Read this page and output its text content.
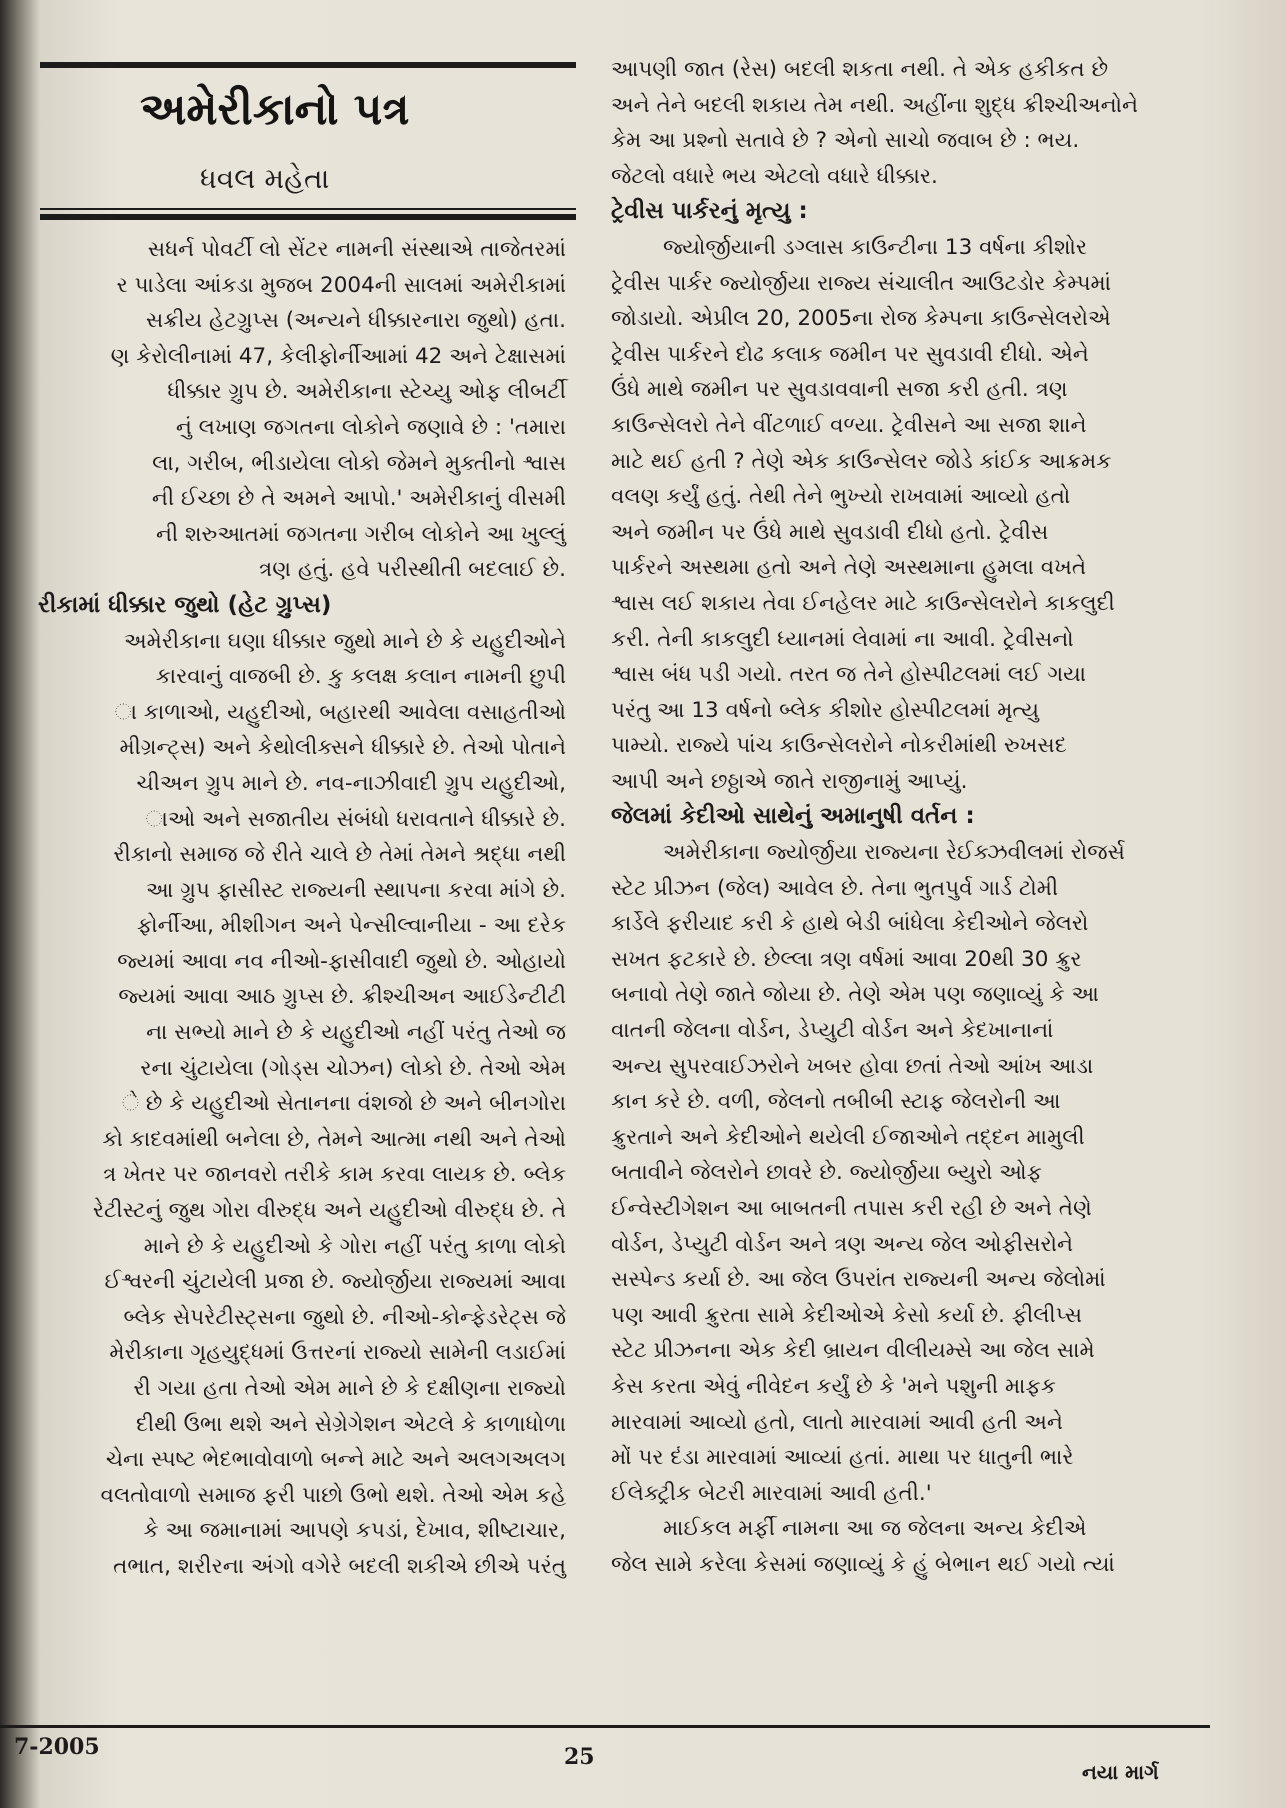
અમેરીકાનો પત્ર
ધવલ મહેતા
સધર્ન પોવર્ટી લો સેંટર નામની સંસ્થાએ તાજેતરમાં
ર પાડેલા આંકડા મુજબ 2004ની સાલમાં અમેરીકામાં
સક્રીય હેટગ્રુપ્સ (અન્યને ધીક્કારનારા જુથો) હતા.
ણ કેરોલીનામાં 47, કેલીફોર્નીઆમાં 42 અને ટેક્ષાસમાં
ધીક્કાર ગ્રુપ છે. અમેરીકાના સ્ટેચ્યુ ઓફ લીબર્ટી
નું લખાણ જગતના લોકોને જણાવે છે : 'તમારા
લા, ગરીબ, ભીડાયેલા લોકો જેમને મુક્તીનો શ્વાસ
ની ઈચ્છા છે તે અમને આપો.' અમેરીકાનું વીસમી
ની શરુઆતમાં જગતના ગરીબ લોકોને આ ખુલ્લું
ત્રણ હતું. હવે પરીસ્થીતી બદલાઈ છે.
રીકામાં ધીક્કાર જુથો (હેટ ગ્રુપ્સ)
અમેરીકાના ઘણા ધીક્કાર જુથો માને છે કે યહુદીઓને
કારવાનું વાજબી છે. કુ કલક્ષ કલાન નામની છુપી
ા કાળાઓ, યહુદીઓ, બહારથી આવેલા વસાહતીઓ
મીગ્રન્ટ્સ) અને કેથોલીક્સને ધીક્કારે છે. તેઓ પોતાને
ચીઅન ગ્રુપ માને છે. નવ-નાઝીવાદી ગ્રુપ યહુદીઓ,
ાઓ અને સજાતીય સંબંધો ધરાવતાને ધીક્કારે છે.
રીકાનો સમાજ જે રીતે ચાલે છે તેમાં તેમને શ્રદ્ધા નથી
આ ગ્રુપ ફાસીસ્ટ રાજ્યની સ્થાપના કરવા માંગે છે.
ફોર્નીઆ, મીશીગન અને પેન્સીલ્વાનીયા - આ દરેક
જ્યમાં આવા નવ નીઓ-ફાસીવાદી જુથો છે. ઓહાયો
જ્યમાં આવા આઠ ગ્રુપ્સ છે. ક્રીશ્ચીઅન આઈડેન્ટીટી
ના સભ્યો માને છે કે યહુદીઓ નહીં પરંતુ તેઓ જ
રના ચુંટાયેલા (ગોડ્સ ચોઝન) લોકો છે. તેઓ એમ
ે છે કે યહુદીઓ સેતાનના વંશજો છે અને બીનગોરા
કો કાદવમાંથી બનેલા છે, તેમને આત્મા નથી અને તેઓ
ત્ર ખેતર પર જાનવરો તરીકે કામ કરવા લાયક છે. બ્લેક
રેટીસ્ટનું જુથ ગોરા વીરુદ્ધ અને યહુદીઓ વીરુદ્ધ છે. તે
માને છે કે યહુદીઓ કે ગોરા નહીં પરંતુ કાળા લોકો
ઈશ્વરની ચુંટાયેલી પ્રજા છે. જ્યોર્જીયા રાજ્યમાં આવા
બ્લેક સેપરેટીસ્ટ્સના જુથો છે. નીઓ-કોન્ફેડરેટ્સ જે
મેરીકાના ગૃહયુદ્ધમાં ઉત્તરનાં રાજ્યો સામેની લડાઈમાં
રી ગયા હતા તેઓ એમ માને છે કે દક્ષીણના રાજ્યો
દીથી ઉભા થશે અને સેગ્રેગેશન એટલે કે કાળાધોળા
ચેના સ્પષ્ટ ભેદભાવોવાળો બન્ને માટે અને અલગઅલગ
વલતોવાળો સમાજ ફરી પાછો ઉભો થશે. તેઓ એમ કહે
કે આ જમાનામાં આપણે કપડાં, દેખાવ, શીષ્ટાચાર,
તભાત, શરીરના અંગો વગેરે બદલી શકીએ છીએ પરંતુ
આપણી જાત (રેસ) બદલી શકતા નથી. તે એક હકીકત છે
અને તેને બદલી શકાય તેમ નથી. અહીંના શુદ્ધ ક્રીશ્ચીઅનોને
કેમ આ પ્રશ્નો સતાવે છે ? એનો સાચો જવાબ છે : ભય.
જેટલો વધારે ભય એટલો વધારે ધીક્કાર.
ટ્રેવીસ પાર્કરનું મૃત્યુ :
જ્યોર્જીયાની ડગ્લાસ કાઉન્ટીના 13 વર્ષના કીશોર
ટ્રેવીસ પાર્કર જ્યોર્જીયા રાજ્ય સંચાલીત આઉટડોર કેમ્પમાં
જોડાયો. એપ્રીલ 20, 2005ના રોજ કેમ્પના કાઉન્સેલરોએ
ટ્રેવીસ પાર્કરને દોઢ કલાક જમીન પર સુવડાવી દીધો. એને
ઉંધે માથે જમીન પર સુવડાવવાની સજા કરી હતી. ત્રણ
કાઉન્સેલરો તેને વીંટળાઈ વળ્યા. ટ્રેવીસને આ સજા શાને
માટે થઈ હતી ? તેણે એક કાઉન્સેલર જોડે કાંઈક આક્રમક
વલણ કર્યું હતું. તેથી તેને ભુખ્યો રાખવામાં આવ્યો હતો
અને જમીન પર ઉંધે માથે સુવડાવી દીધો હતો. ટ્રેવીસ
પાર્કરને અસ્થમા હતો અને તેણે અસ્થમાના હુમલા વખતે
શ્વાસ લઈ શકાય તેવા ઈનહેલર માટે કાઉન્સેલરોને કાકલુદી
કરી. તેની કાકલુદી ધ્યાનમાં લેવામાં ના આવી. ટ્રેવીસનો
શ્વાસ બંધ પડી ગયો. તરત જ તેને હોસ્પીટલમાં લઈ ગયા
પરંતુ આ 13 વર્ષનો બ્લેક કીશોર હોસ્પીટલમાં મૃત્યુ
પામ્યો. રાજ્યે પાંચ કાઉન્સેલરોને નોકરીમાંથી રુખસદ
આપી અને છઠ્ઠાએ જાતે રાજીનામું આપ્યું.
જેલમાં કેદીઓ સાથેનું અમાનુષી વર્તન :
અમેરીકાના જ્યોર્જીયા રાજ્યના રેઈક્ઝવીલમાં રોજર્સ
સ્ટેટ પ્રીઝન (જેલ) આવેલ છે. તેના ભુતપુર્વ ગાર્ડ ટોમી
કાર્ડેલે ફરીયાદ કરી કે હાથે બેડી બાંધેલા કેદીઓને જેલરો
સખત ફટકારે છે. છેલ્લા ત્રણ વર્ષમાં આવા 20થી 30 ક્રુર
બનાવો તેણે જાતે જોયા છે. તેણે એમ પણ જણાવ્યું કે આ
વાતની જેલના વોર્ડન, ડેપ્યુટી વોર્ડન અને કેદખાનાનાં
અન્ય સુપરવાઈઝરોને ખબર હોવા છતાં તેઓ આંખ આડા
કાન કરે છે. વળી, જેલનો તબીબી સ્ટાફ જેલરોની આ
ક્રુરતાને અને કેદીઓને થયેલી ઈજાઓને તદ્દન મામુલી
બતાવીને જેલરોને છાવરે છે. જ્યોર્જીયા બ્યુરો ઓફ
ઈન્વેસ્ટીગેશન આ બાબતની તપાસ કરી રહી છે અને તેણે
વોર્ડન, ડેપ્યુટી વોર્ડન અને ત્રણ અન્ય જેલ ઓફીસરોને
સસ્પેન્ડ કર્યા છે. આ જેલ ઉપરાંત રાજ્યની અન્ય જેલોમાં
પણ આવી ક્રુરતા સામે કેદીઓએ કેસો કર્યા છે. ફીલીપ્સ
સ્ટેટ પ્રીઝનના એક કેદી બ્રાયન વીલીયમ્સે આ જેલ સામે
કેસ કરતા એવું નીવેદન કર્યું છે કે 'મને પશુની માફક
મારવામાં આવ્યો હતો, લાતો મારવામાં આવી હતી અને
મોં પર દંડા મારવામાં આવ્યાં હતાં. માથા પર ધાતુની ભારે
ઈલેક્ટ્રીક બેટરી મારવામાં આવી હતી.'
માઈકલ મર્ફી નામના આ જ જેલના અન્ય કેદીએ
જેલ સામે કરેલા કેસમાં જણાવ્યું કે હું બેભાન થઈ ગયો ત્યાં
7-2005	25
નયા માર્ગ
